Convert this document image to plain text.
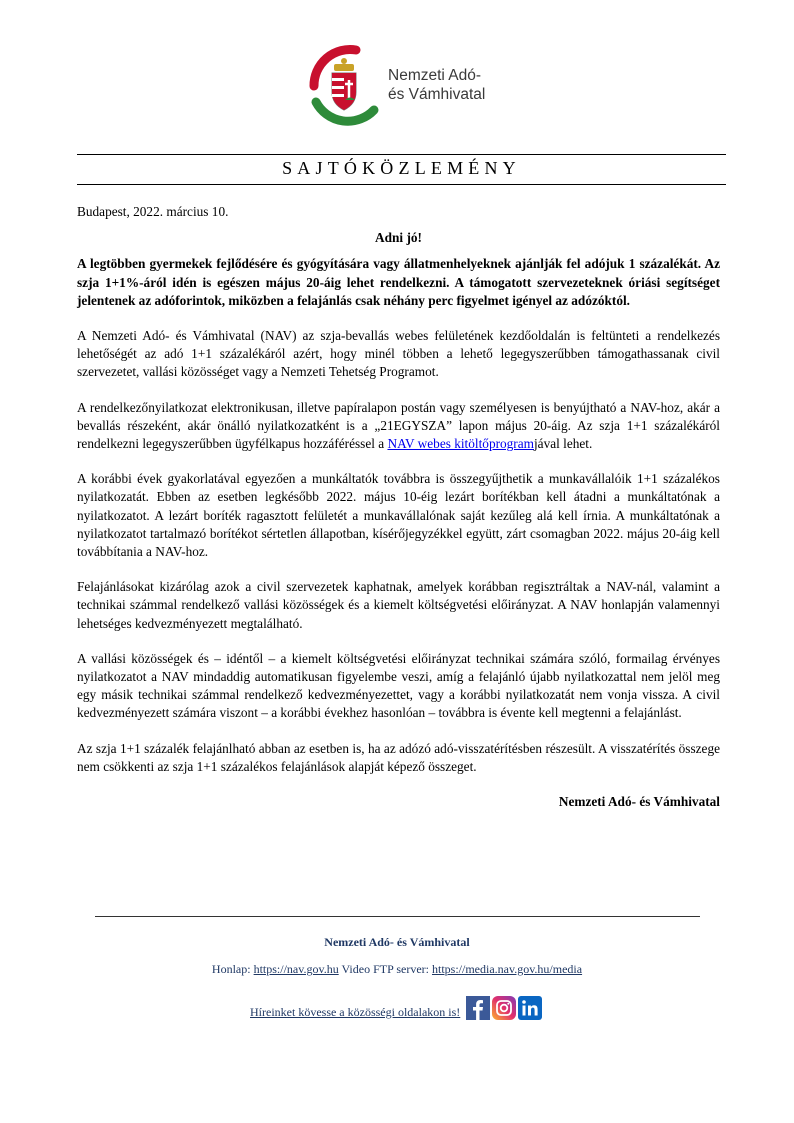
Nemzeti Adó-
és Vámhivatal
SAJTÓKÖZLEMÉNY

Budapest, 2022. március 10.

Adni jó!

A legtöbben gyermekek fejlődésére és gyógyítására vagy állatmenhelyeknek ajánlják fel adójuk 1 százalékát. Az szja 1+1%-áról idén is egészen május 20-áig lehet rendelkezni. A támogatott szervezeteknek óriási segítséget jelentenek az adóforintok, miközben a felajánlás csak néhány perc figyelmet igényel az adózóktól.

A Nemzeti Adó- és Vámhivatal (NAV) az szja-bevallás webes felületének kezdőoldalán is feltünteti a rendelkezés lehetőségét az adó 1+1 százalékáról azért, hogy minél többen a lehető legegyszerűbben támogathassanak civil szervezetet, vallási közösséget vagy a Nemzeti Tehetség Programot.

A rendelkezőnyilatkozat elektronikusan, illetve papíralapon postán vagy személyesen is benyújtható a NAV-hoz, akár a bevallás részeként, akár önálló nyilatkozatként is a „21EGYSZA” lapon május 20-áig. Az szja 1+1 százalékáról rendelkezni legegyszerűbben ügyfélkapus hozzáféréssel a NAV webes kitöltőprogramjával lehet.

A korábbi évek gyakorlatával egyezően a munkáltatók továbbra is összegyűjthetik a munkavállalóik 1+1 százalékos nyilatkozatát. Ebben az esetben legkésőbb 2022. május 10-éig lezárt borítékban kell átadni a munkáltatónak a nyilatkozatot. A lezárt boríték ragasztott felületét a munkavállalónak saját kezűleg alá kell írnia. A munkáltatónak a nyilatkozatot tartalmazó borítékot sértetlen állapotban, kísérőjegyzékkel együtt, zárt csomagban 2022. május 20-áig kell továbbítania a NAV-hoz.

Felajánlásokat kizárólag azok a civil szervezetek kaphatnak, amelyek korábban regisztráltak a NAV-nál, valamint a technikai számmal rendelkező vallási közösségek és a kiemelt költségvetési előirányzat. A NAV honlapján valamennyi lehetséges kedvezményezett megtalálható.

A vallási közösségek és – idéntől – a kiemelt költségvetési előirányzat technikai számára szóló, formailag érvényes nyilatkozatot a NAV mindaddig automatikusan figyelembe veszi, amíg a felajánló újabb nyilatkozattal nem jelöl meg egy másik technikai számmal rendelkező kedvezményezettet, vagy a korábbi nyilatkozatát nem vonja vissza. A civil kedvezményezett számára viszont – a korábbi évekhez hasonlóan – továbbra is évente kell megtenni a felajánlást.

Az szja 1+1 százalék felajánlható abban az esetben is, ha az adózó adó-visszatérítésben részesült. A visszatérítés összege nem csökkenti az szja 1+1 százalékos felajánlások alapját képező összeget.

Nemzeti Adó- és Vámhivatal

Nemzeti Adó- és Vámhivatal
Honlap: https://nav.gov.hu Video FTP server: https://media.nav.gov.hu/media
Híreinket kövesse a közösségi oldalakon is!
